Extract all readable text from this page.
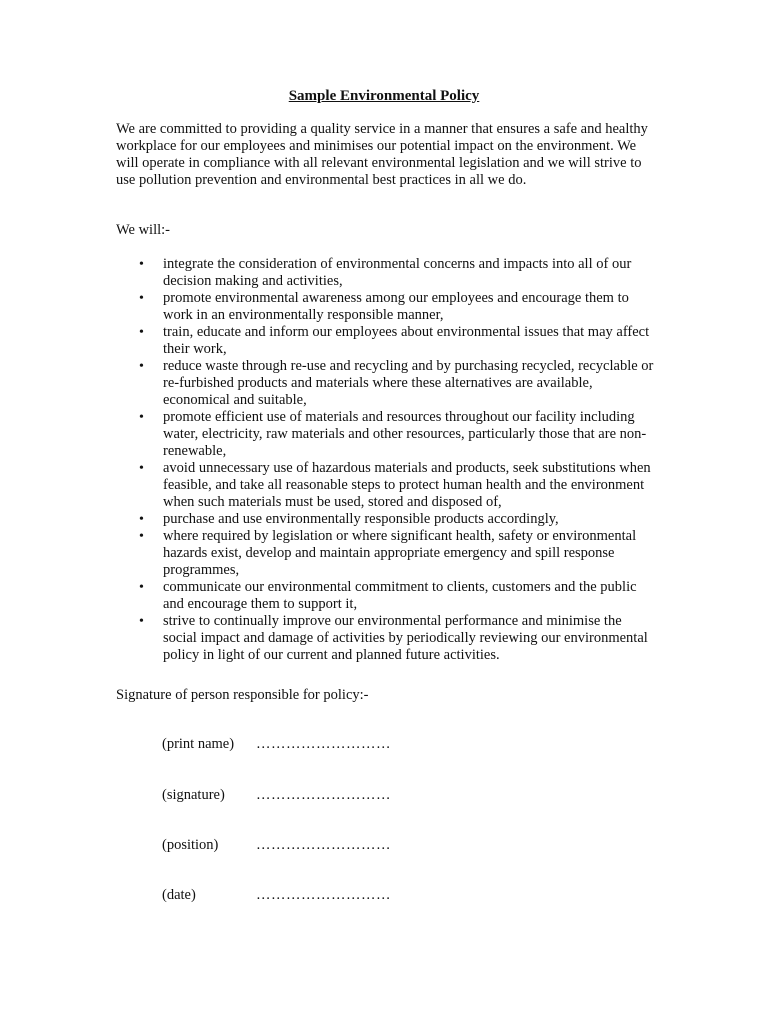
Sample Environmental Policy

We are committed to providing a quality service in a manner that ensures a safe and healthy workplace for our employees and minimises our potential impact on the environment. We will operate in compliance with all relevant environmental legislation and we will strive to use pollution prevention and environmental best practices in all we do.

We will:-

• integrate the consideration of environmental concerns and impacts into all of our decision making and activities,
• promote environmental awareness among our employees and encourage them to work in an environmentally responsible manner,
• train, educate and inform our employees about environmental issues that may affect their work,
• reduce waste through re-use and recycling and by purchasing recycled, recyclable or re-furbished products and materials where these alternatives are available, economical and suitable,
• promote efficient use of materials and resources throughout our facility including water, electricity, raw materials and other resources, particularly those that are non-renewable,
• avoid unnecessary use of hazardous materials and products, seek substitutions when feasible, and take all reasonable steps to protect human health and the environment when such materials must be used, stored and disposed of,
• purchase and use environmentally responsible products accordingly,
• where required by legislation or where significant health, safety or environmental hazards exist, develop and maintain appropriate emergency and spill response programmes,
• communicate our environmental commitment to clients, customers and the public and encourage them to support it,
• strive to continually improve our environmental performance and minimise the social impact and damage of activities by periodically reviewing our environmental policy in light of our current and planned future activities.

Signature of person responsible for policy:-

(print name) ………………………
(signature) ………………………
(position)	………………………
(date)	………………………
